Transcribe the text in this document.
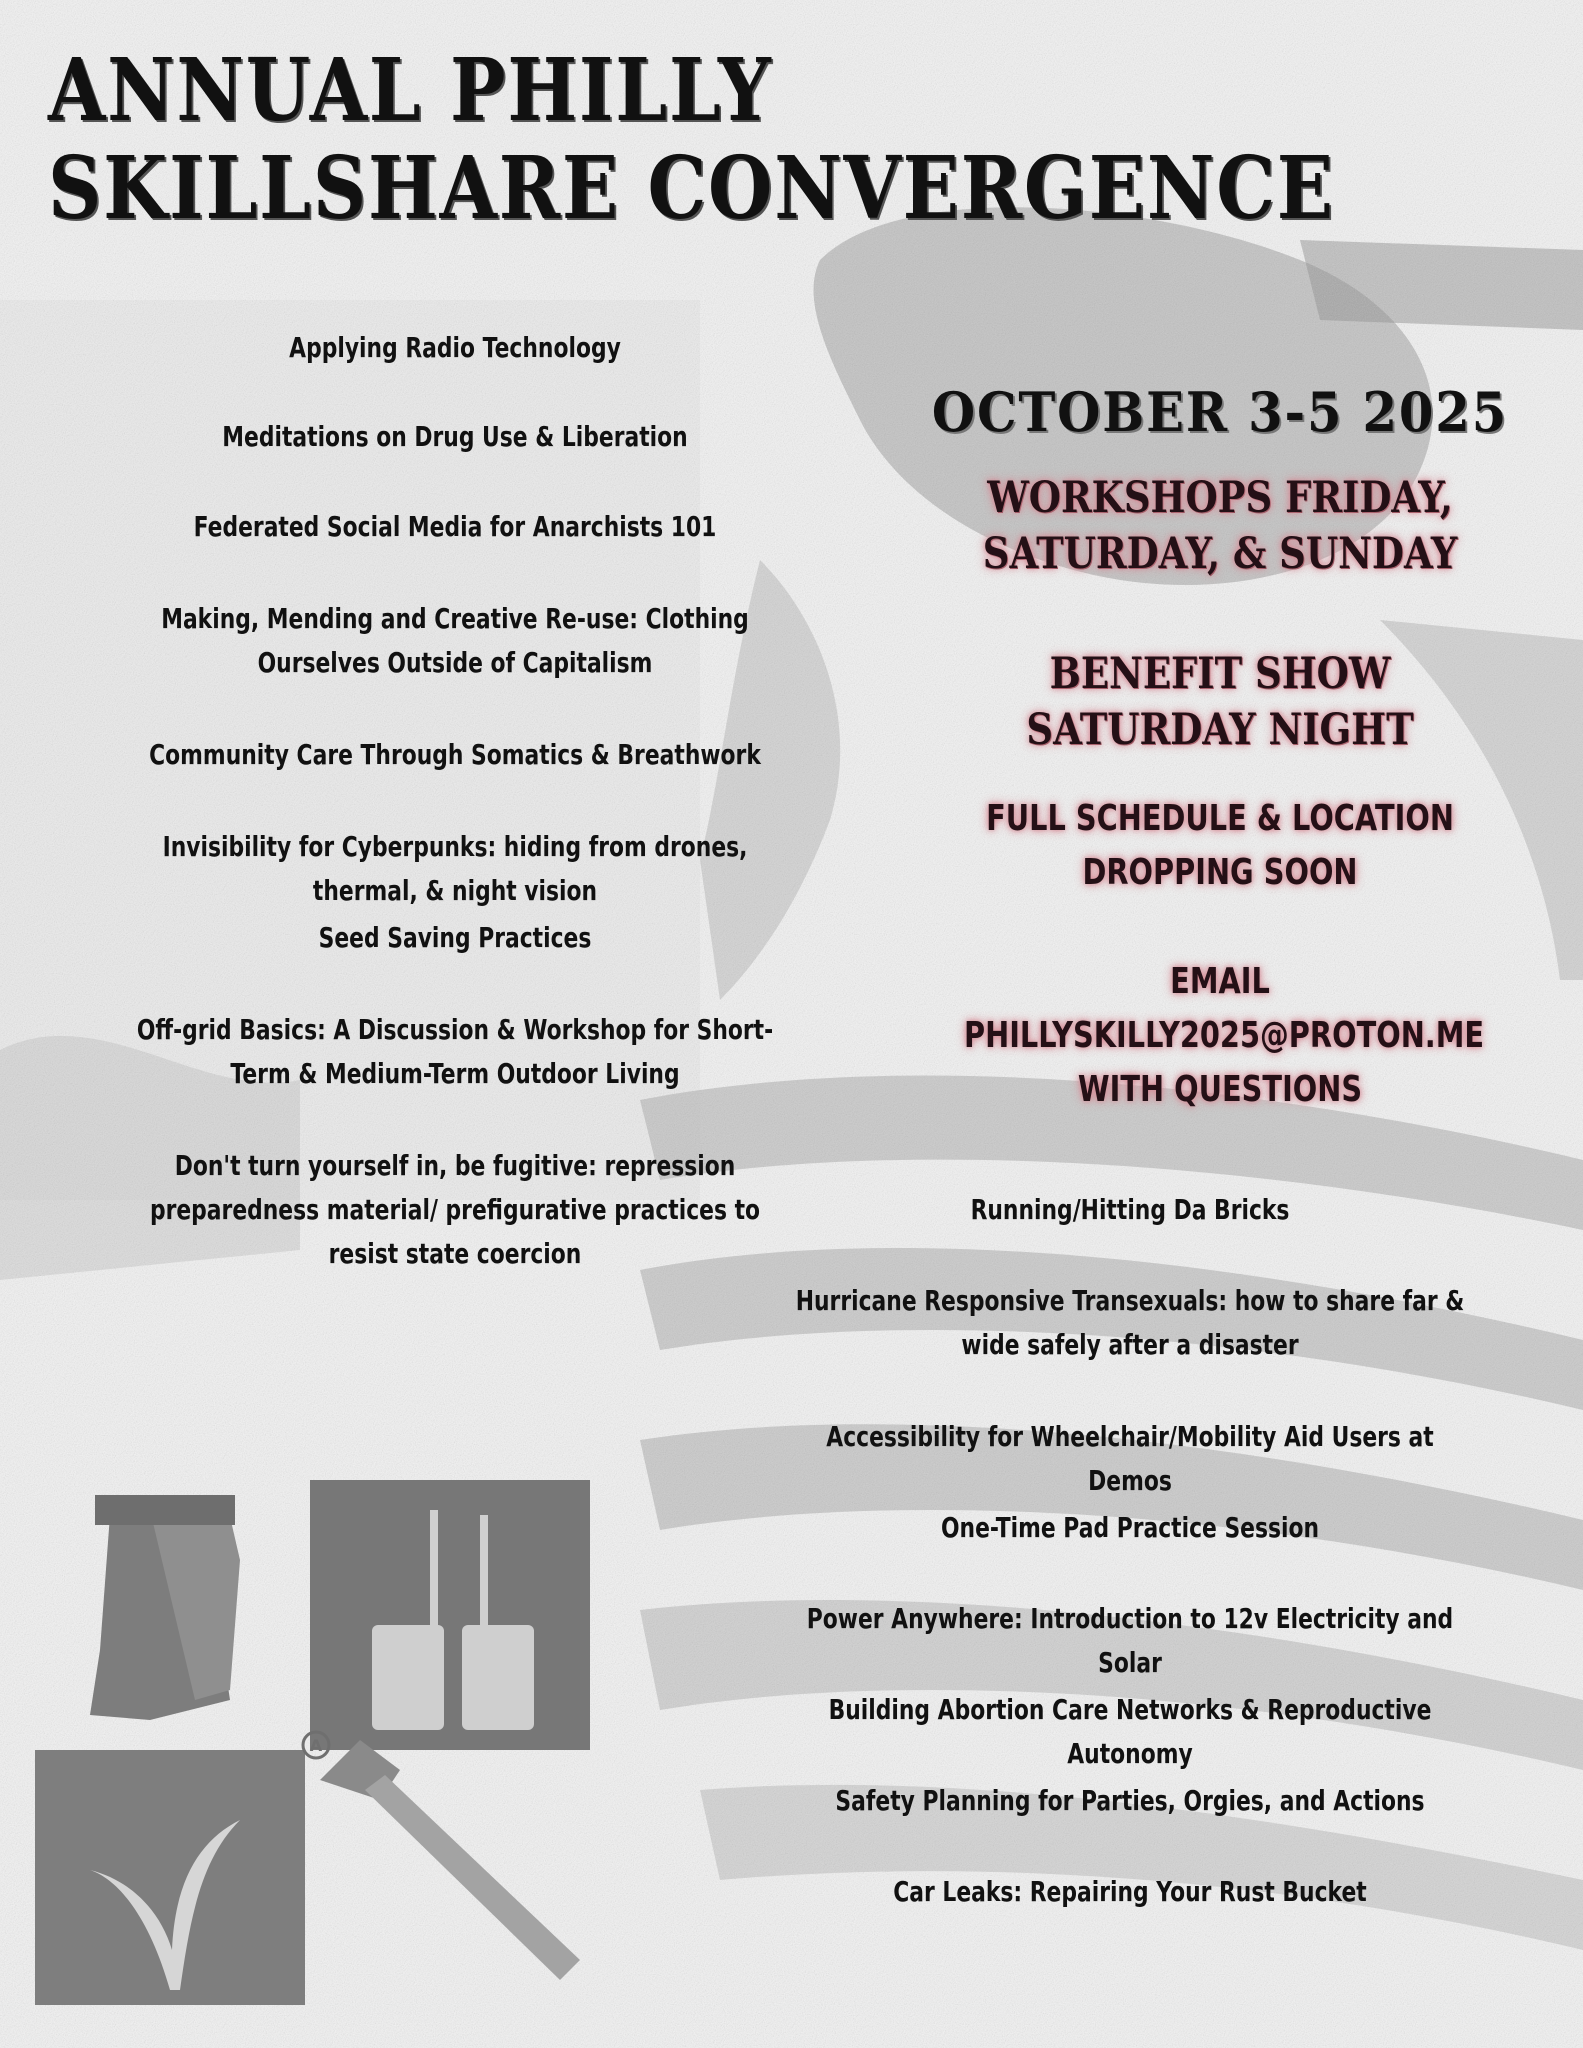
A
ANNUAL PHILLY
SKILLSHARE CONVERGENCE
OCTOBER 3-5 2025
WORKSHOPS FRIDAY,
SATURDAY, & SUNDAY
BENEFIT SHOW
SATURDAY NIGHT
FULL SCHEDULE & LOCATION
DROPPING SOON
EMAIL
PHILLYSKILLY2025@PROTON.ME
WITH QUESTIONS

Applying Radio Technology

Meditations on Drug Use & Liberation

Federated Social Media for Anarchists 101

Making, Mending and Creative Re-use: Clothing Ourselves Outside of Capitalism

Community Care Through Somatics & Breathwork

Invisibility for Cyberpunks: hiding from drones, thermal, & night vision

Seed Saving Practices

Off-grid Basics: A Discussion & Workshop for Short-Term & Medium-Term Outdoor Living

Don't turn yourself in, be fugitive: repression preparedness material/ prefigurative practices to resist state coercion

Running/Hitting Da Bricks

Hurricane Responsive Transexuals: how to share far & wide safely after a disaster

Accessibility for Wheelchair/Mobility Aid Users at Demos

One-Time Pad Practice Session

Power Anywhere: Introduction to 12v Electricity and Solar

Building Abortion Care Networks & Reproductive Autonomy

Safety Planning for Parties, Orgies, and Actions

Car Leaks: Repairing Your Rust Bucket
